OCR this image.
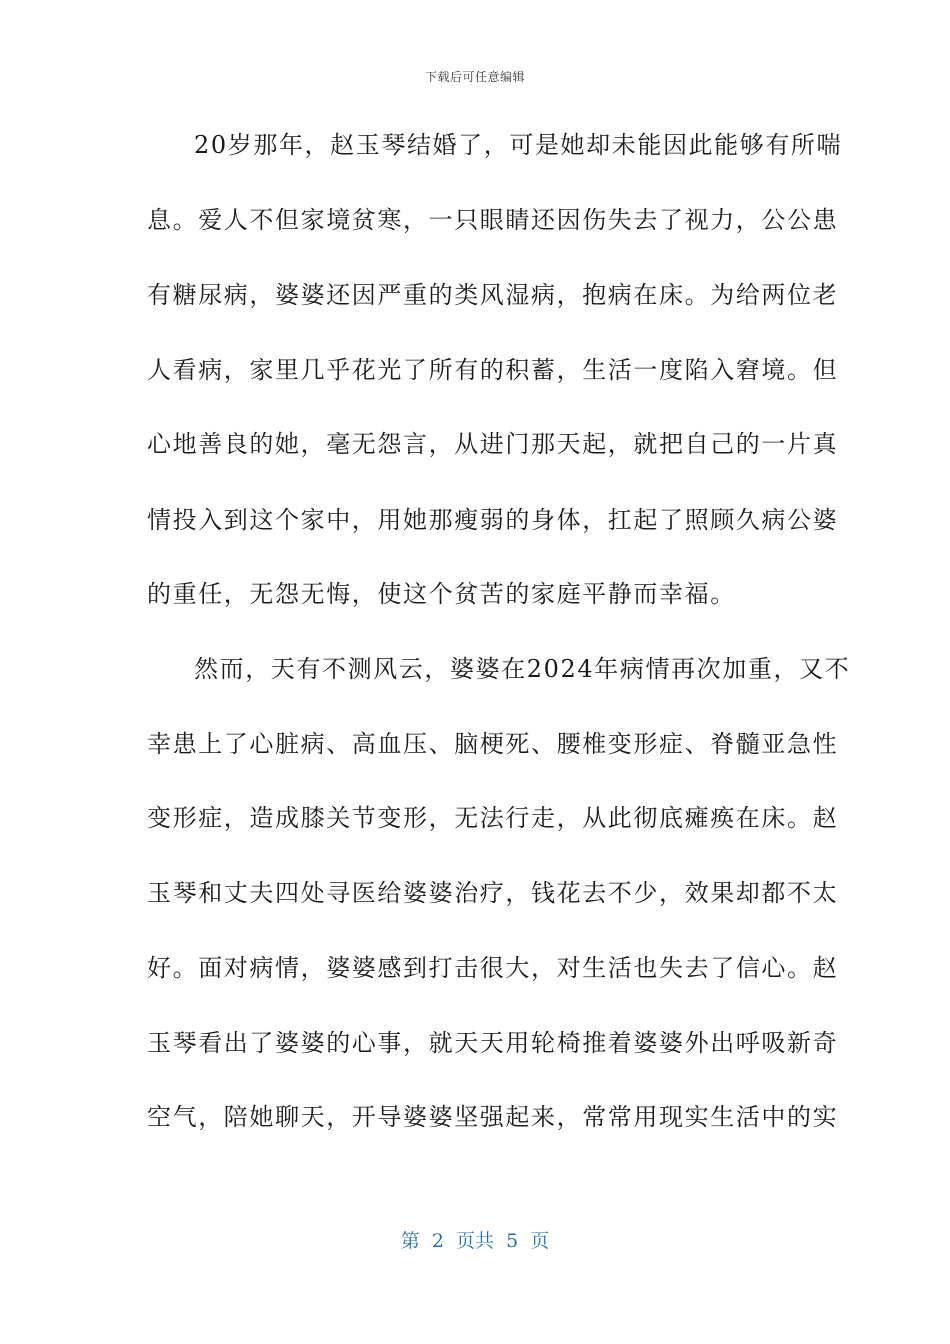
下载后可任意编辑
20岁那年，赵玉琴结婚了，可是她却未能因此能够有所喘
息。爱人不但家境贫寒，一只眼睛还因伤失去了视力，公公患
有糖尿病，婆婆还因严重的类风湿病，抱病在床。为给两位老
人看病，家里几乎花光了所有的积蓄，生活一度陷入窘境。但
心地善良的她，毫无怨言，从进门那天起，就把自己的一片真
情投入到这个家中，用她那瘦弱的身体，扛起了照顾久病公婆
的重任，无怨无悔，使这个贫苦的家庭平静而幸福。
然而，天有不测风云，婆婆在2024年病情再次加重，又不
幸患上了心脏病、高血压、脑梗死、腰椎变形症、脊髓亚急性
变形症，造成膝关节变形，无法行走，从此彻底瘫痪在床。赵
玉琴和丈夫四处寻医给婆婆治疗，钱花去不少，效果却都不太
好。面对病情，婆婆感到打击很大，对生活也失去了信心。赵
玉琴看出了婆婆的心事，就天天用轮椅推着婆婆外出呼吸新奇
空气，陪她聊天，开导婆婆坚强起来，常常用现实生活中的实
第  2  页共  5  页
